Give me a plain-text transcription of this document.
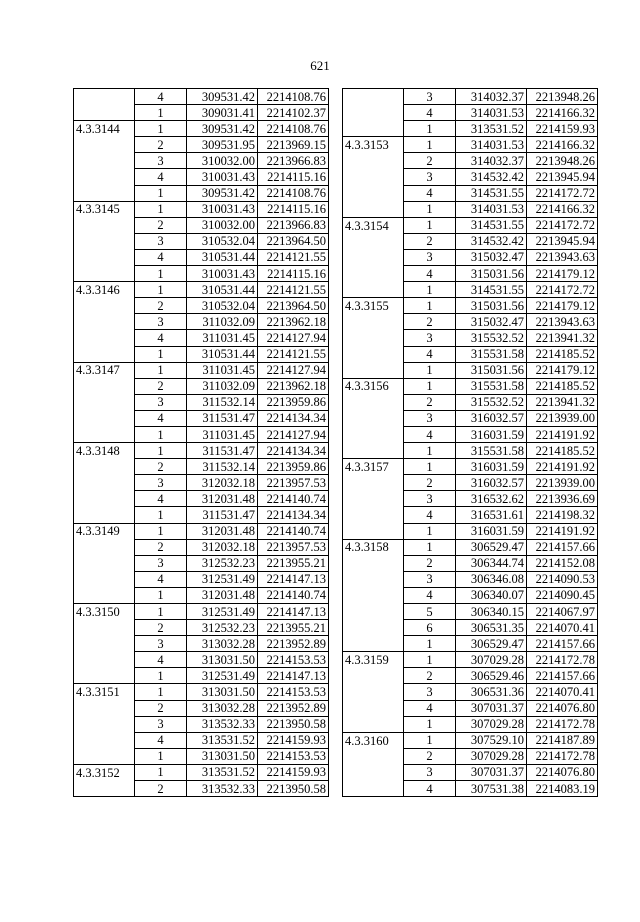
621
	4	309531.42	2214108.76
	1	309031.41	2214102.37
4.3.3144	1	309531.42	2214108.76
	2	309531.95	2213969.15
	3	310032.00	2213966.83
	4	310031.43	2214115.16
	1	309531.42	2214108.76
4.3.3145	1	310031.43	2214115.16
	2	310032.00	2213966.83
	3	310532.04	2213964.50
	4	310531.44	2214121.55
	1	310031.43	2214115.16
4.3.3146	1	310531.44	2214121.55
	2	310532.04	2213964.50
	3	311032.09	2213962.18
	4	311031.45	2214127.94
	1	310531.44	2214121.55
4.3.3147	1	311031.45	2214127.94
	2	311032.09	2213962.18
	3	311532.14	2213959.86
	4	311531.47	2214134.34
	1	311031.45	2214127.94
4.3.3148	1	311531.47	2214134.34
	2	311532.14	2213959.86
	3	312032.18	2213957.53
	4	312031.48	2214140.74
	1	311531.47	2214134.34
4.3.3149	1	312031.48	2214140.74
	2	312032.18	2213957.53
	3	312532.23	2213955.21
	4	312531.49	2214147.13
	1	312031.48	2214140.74
4.3.3150	1	312531.49	2214147.13
	2	312532.23	2213955.21
	3	313032.28	2213952.89
	4	313031.50	2214153.53
	1	312531.49	2214147.13
4.3.3151	1	313031.50	2214153.53
	2	313032.28	2213952.89
	3	313532.33	2213950.58
	4	313531.52	2214159.93
	1	313031.50	2214153.53
4.3.3152	1	313531.52	2214159.93
	2	313532.33	2213950.58
	3	314032.37	2213948.26
	4	314031.53	2214166.32
	1	313531.52	2214159.93
4.3.3153	1	314031.53	2214166.32
	2	314032.37	2213948.26
	3	314532.42	2213945.94
	4	314531.55	2214172.72
	1	314031.53	2214166.32
4.3.3154	1	314531.55	2214172.72
	2	314532.42	2213945.94
	3	315032.47	2213943.63
	4	315031.56	2214179.12
	1	314531.55	2214172.72
4.3.3155	1	315031.56	2214179.12
	2	315032.47	2213943.63
	3	315532.52	2213941.32
	4	315531.58	2214185.52
	1	315031.56	2214179.12
4.3.3156	1	315531.58	2214185.52
	2	315532.52	2213941.32
	3	316032.57	2213939.00
	4	316031.59	2214191.92
	1	315531.58	2214185.52
4.3.3157	1	316031.59	2214191.92
	2	316032.57	2213939.00
	3	316532.62	2213936.69
	4	316531.61	2214198.32
	1	316031.59	2214191.92
4.3.3158	1	306529.47	2214157.66
	2	306344.74	2214152.08
	3	306346.08	2214090.53
	4	306340.07	2214090.45
	5	306340.15	2214067.97
	6	306531.35	2214070.41
	1	306529.47	2214157.66
4.3.3159	1	307029.28	2214172.78
	2	306529.46	2214157.66
	3	306531.36	2214070.41
	4	307031.37	2214076.80
	1	307029.28	2214172.78
4.3.3160	1	307529.10	2214187.89
	2	307029.28	2214172.78
	3	307031.37	2214076.80
	4	307531.38	2214083.19
